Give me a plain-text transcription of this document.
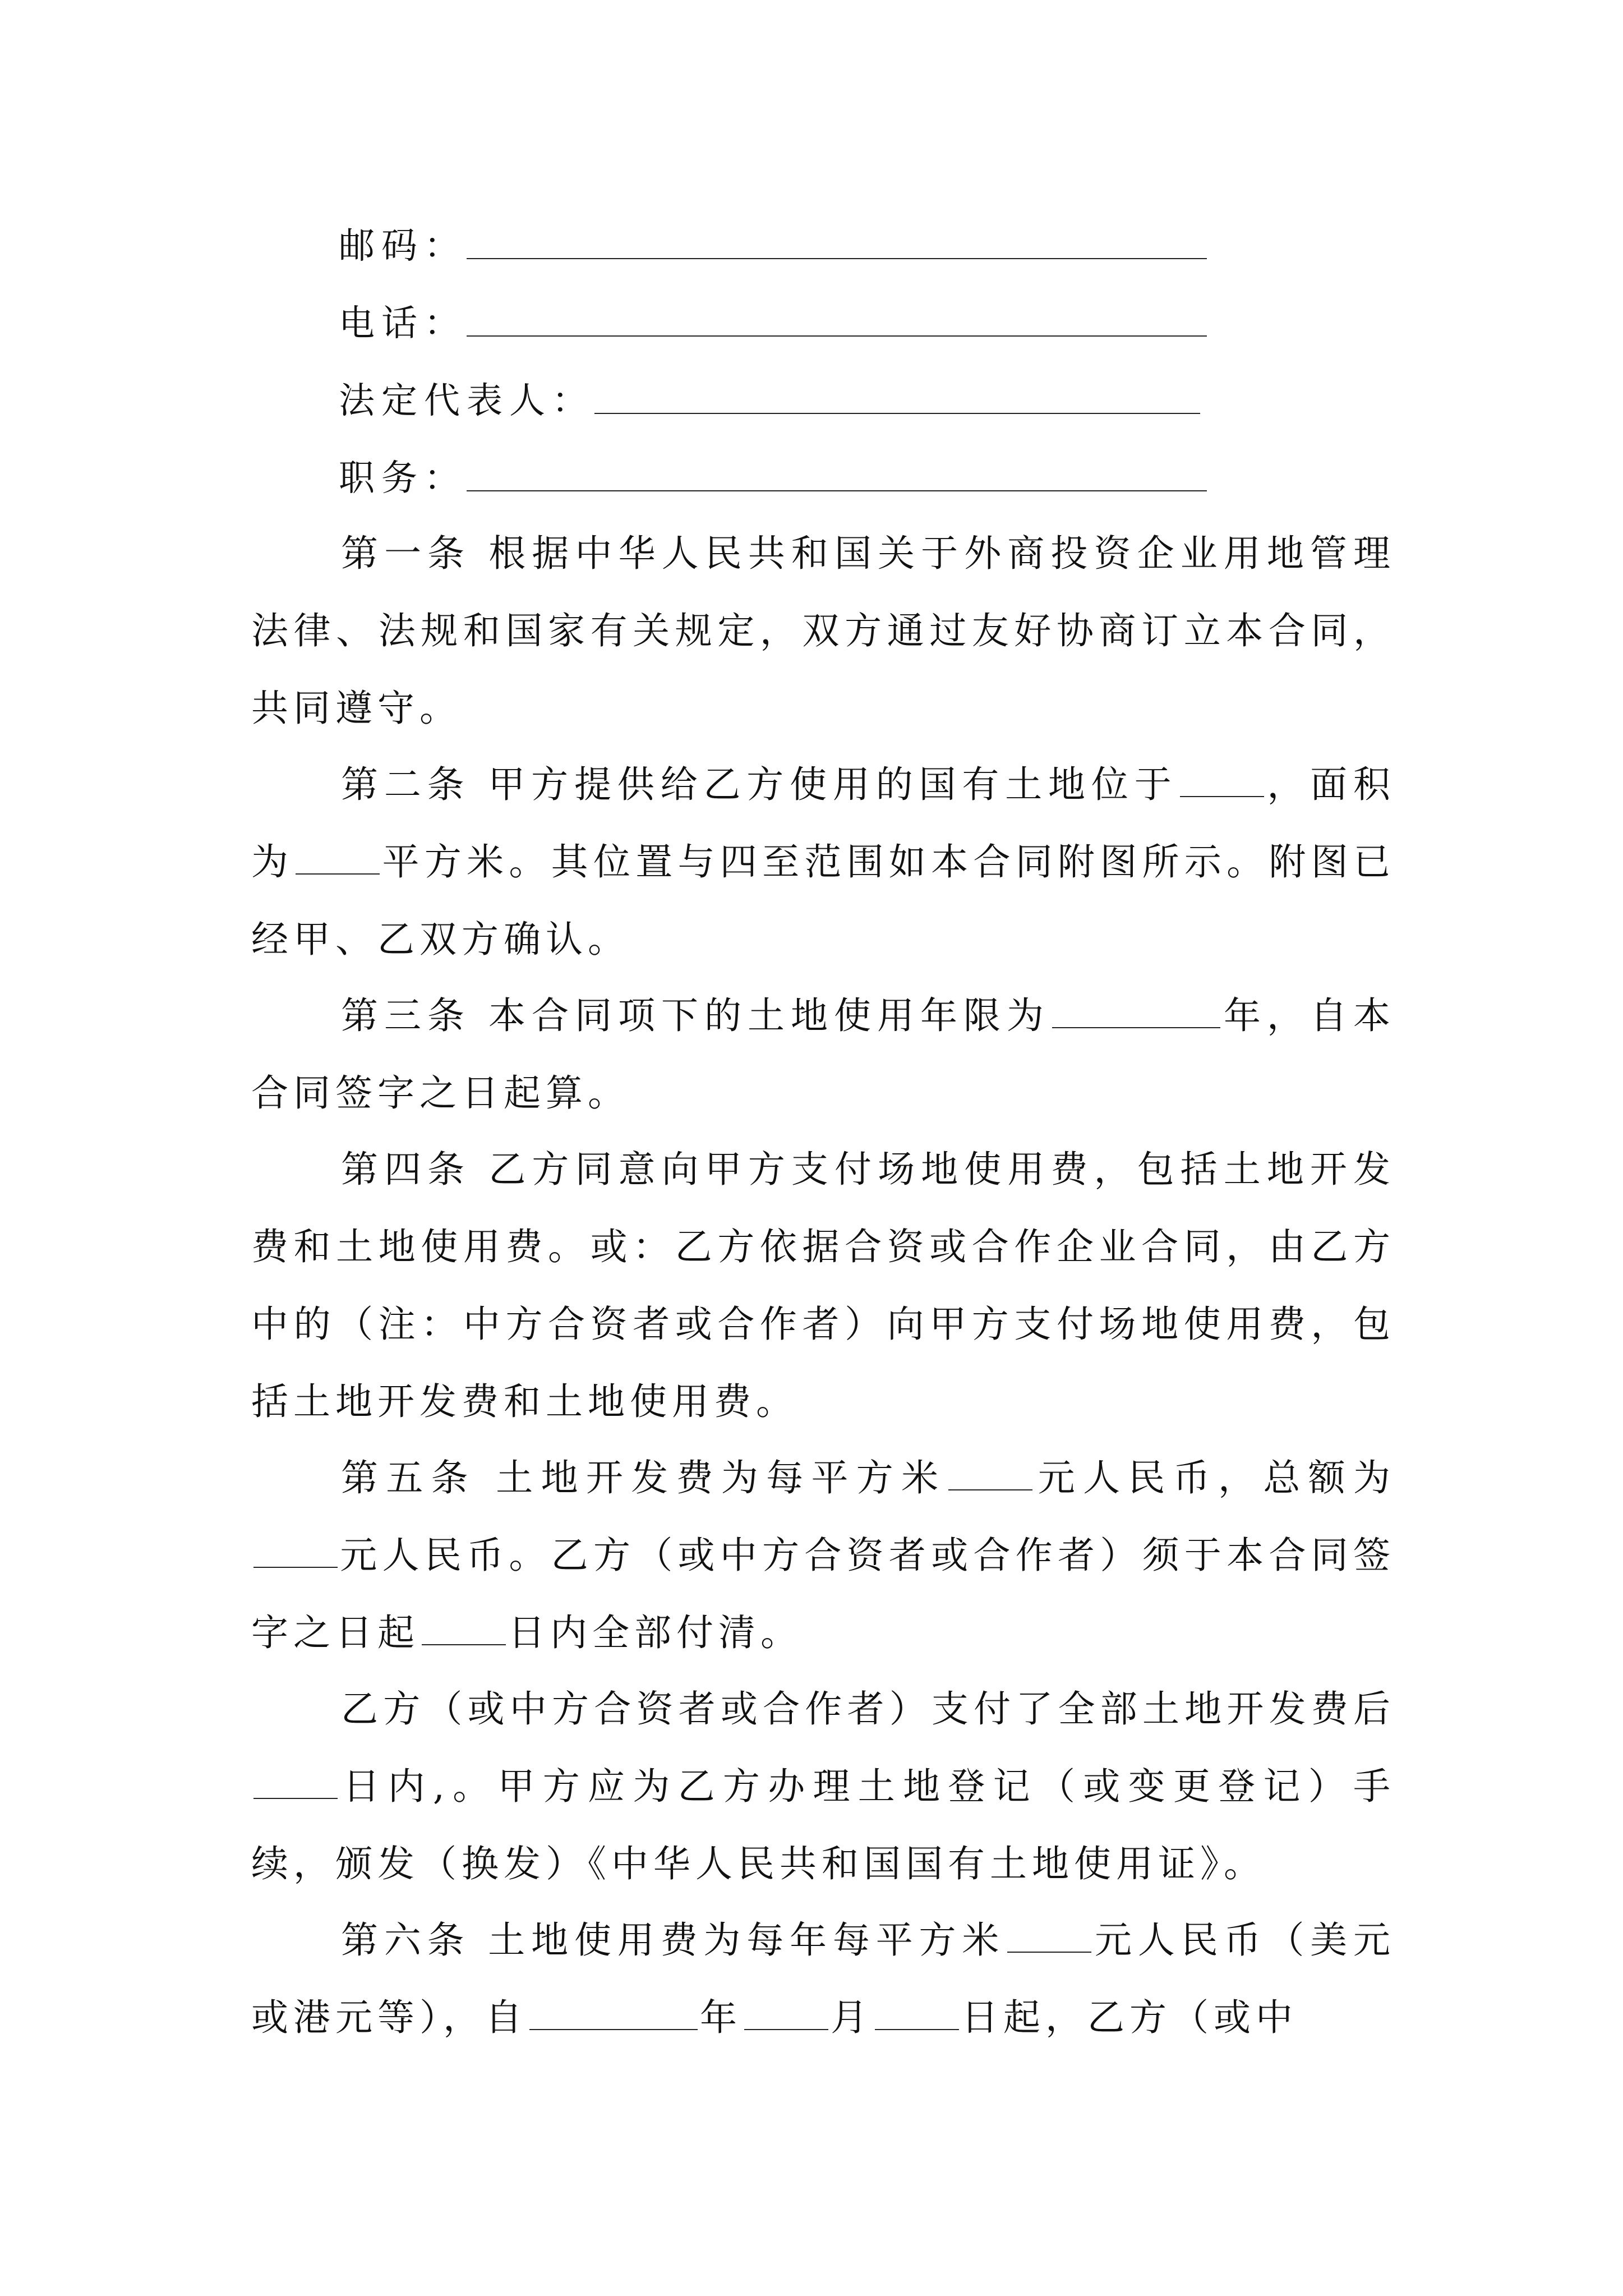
邮码：
电话：
法定代表人：
职务：

第一条 根据中华人民共和国关于外商投资企业用地管理法律、法规和国家有关规定，双方通过友好协商订立本合同，共同遵守。

第二条 甲方提供给乙方使用的国有土地位于 ，面积为 平方米。其位置与四至范围如本合同附图所示。附图已经甲、乙双方确认。

第三条 本合同项下的土地使用年限为	年，自本合同签字之日起算。

第四条 乙方同意向甲方支付场地使用费，包括土地开发费和土地使用费。或：乙方依据合资或合作企业合同，由乙方中的（注：中方合资者或合作者）向甲方支付场地使用费，包括土地开发费和土地使用费。

第五条 土地开发费为每平方米 元人民币，总额为元人民币。乙方（或中方合资者或合作者）须于本合同签字之日起 日内全部付清。

乙方（或中方合资者或合作者）支付了全部土地开发费后日内,。甲方应为乙方办理土地登记（或变更登记）手续，颁发（换发）《中华人民共和国国有土地使用证》。

第六条 土地使用费为每年每平方米 元人民币（美元或港元等），自	年 月 日起，乙方（或中
